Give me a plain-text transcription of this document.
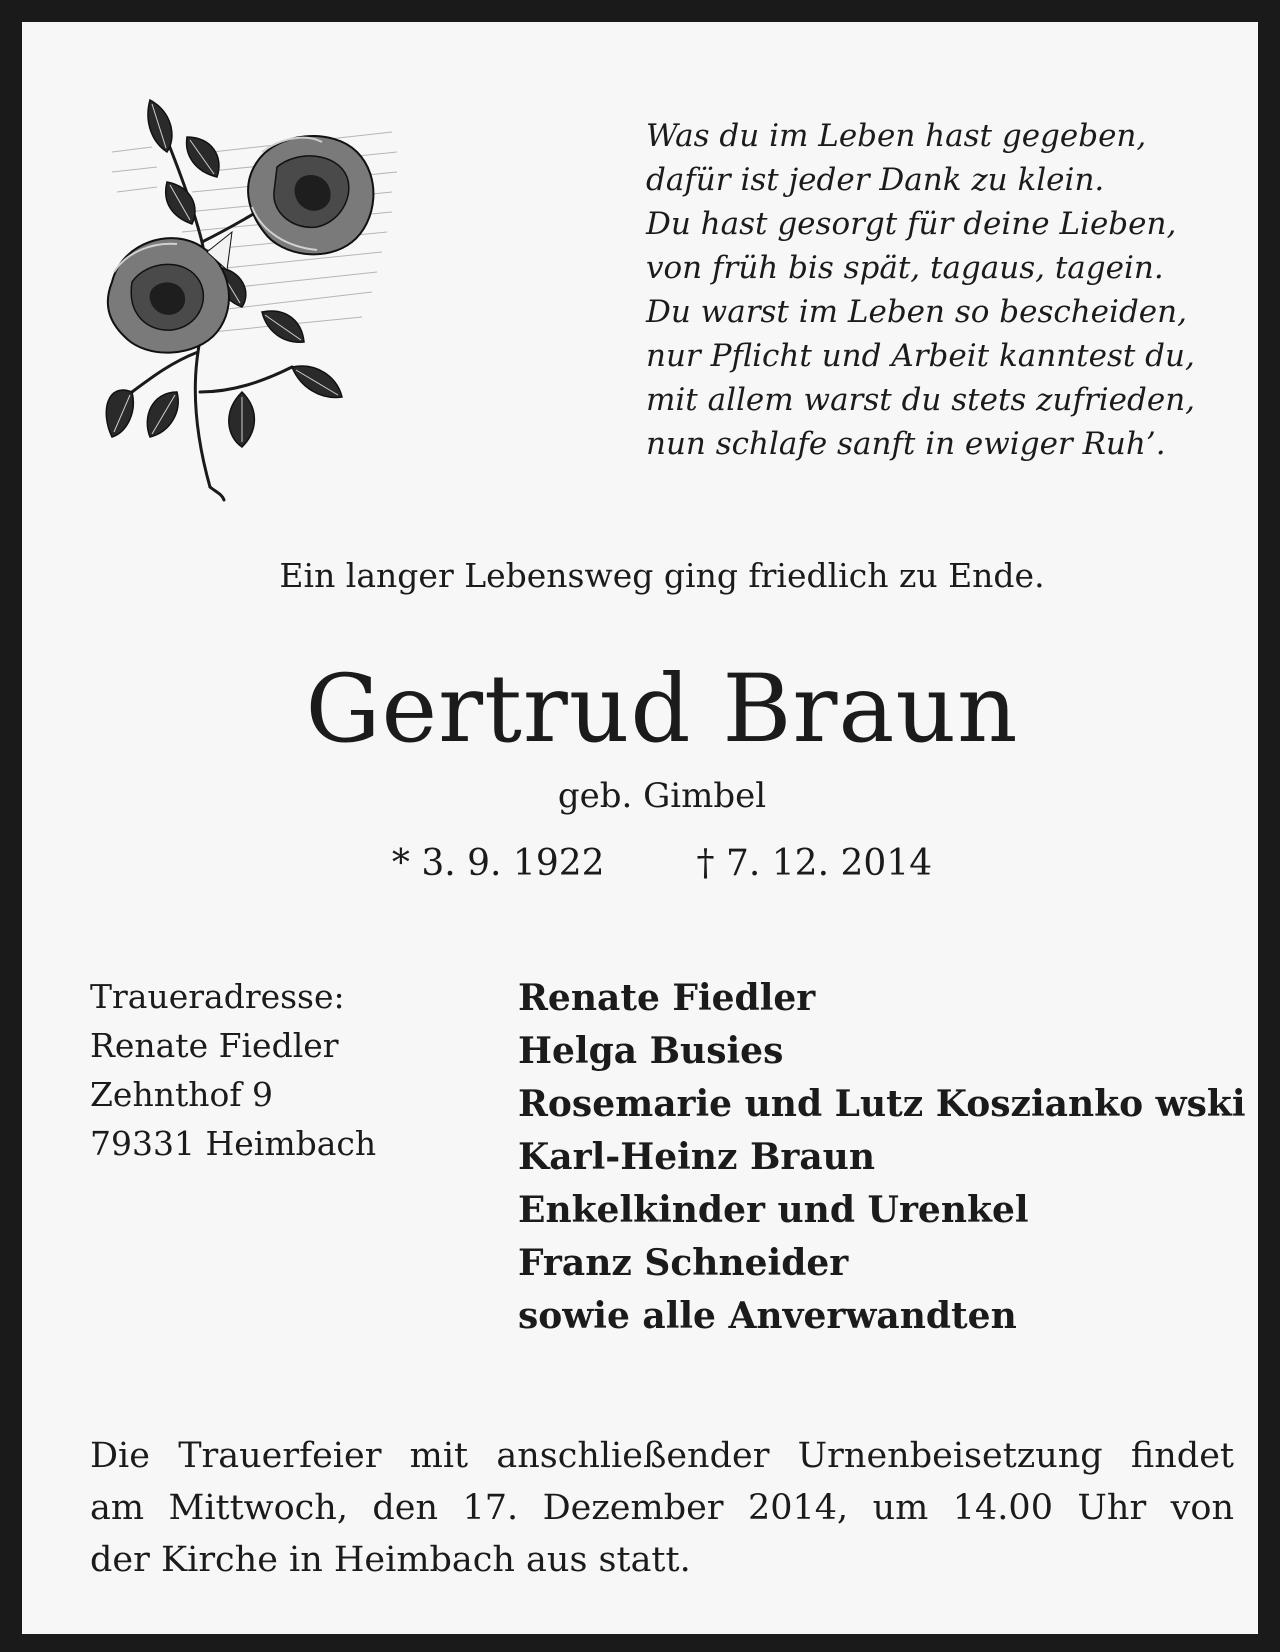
Was du im Leben hast gegeben,
dafür ist jeder Dank zu klein.
Du hast gesorgt für deine Lieben,
von früh bis spät, tagaus, tagein.
Du warst im Leben so bescheiden,
nur Pflicht und Arbeit kanntest du,
mit allem warst du stets zufrieden,
nun schlafe sanft in ewiger Ruh’.
Ein langer Lebensweg ging friedlich zu Ende.
Gertrud Braun
geb. Gimbel
* 3. 9. 1922	† 7. 12. 2014
Traueradresse:
Renate Fiedler
Zehnthof 9
79331 Heimbach
Renate Fiedler
Helga Busies
Rosemarie und Lutz Koszianko wski
Karl-Heinz Braun
Enkelkinder und Urenkel
Franz Schneider
sowie alle Anverwandten
Die Trauerfeier mit anschließender Urnenbeisetzung findet
am Mittwoch, den 17. Dezember 2014, um 14.00 Uhr von
der Kirche in Heimbach aus statt.
